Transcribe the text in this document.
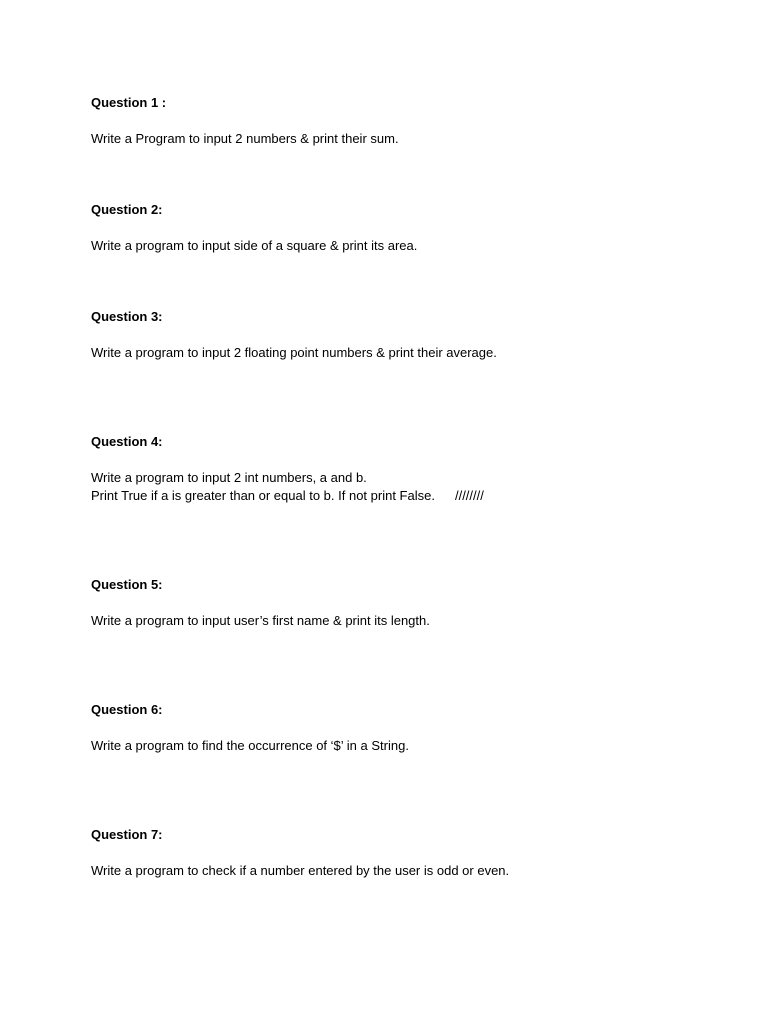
Question 1 :
Write a Program to input 2 numbers & print their sum.
Question 2:
Write a program to input side of a square & print its area.
Question 3:
Write a program to input 2 floating point numbers & print their average.
Question 4:
Write a program to input 2 int numbers, a and b.
Print True if a is greater than or equal to b. If not print False. ////////
Question 5:
Write a program to input user’s first name & print its length.
Question 6:
Write a program to find the occurrence of ‘$’ in a String.
Question 7:
Write a program to check if a number entered by the user is odd or even.
